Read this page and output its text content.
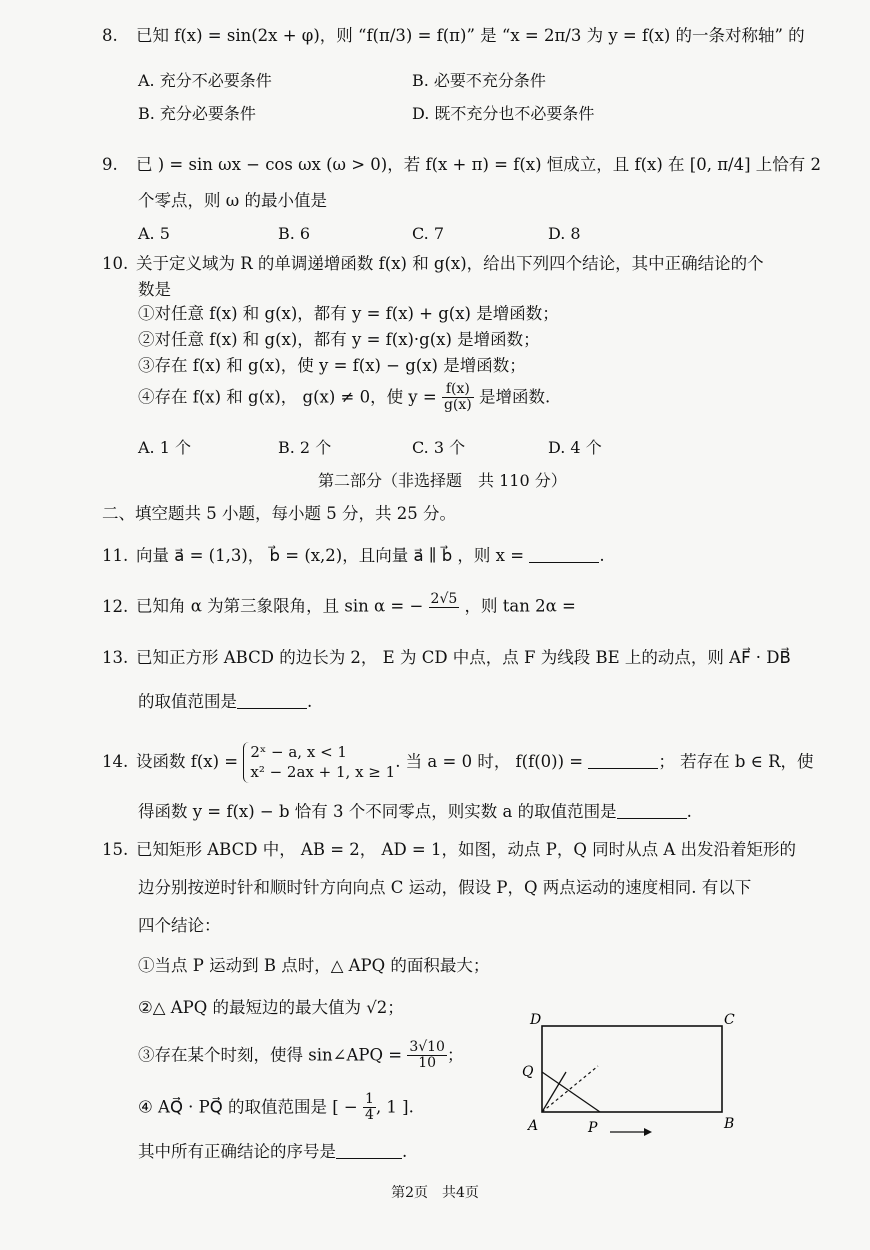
8. 已知 f(x) = sin(2x + φ)，则 “f(π/3) = f(π)” 是 “x = 2π/3 为 y = f(x) 的一条对称轴” 的
A. 充分不必要条件	B. 必要不充分条件
B. 充分必要条件	D. 既不充分也不必要条件
9. 已 ) = sin ωx − cos ωx (ω > 0)，若 f(x + π) = f(x) 恒成立，且 f(x) 在 [0, π/4] 上恰有 2
个零点，则 ω 的最小值是
A. 5	B. 6	C. 7	D. 8
10. 关于定义域为 R 的单调递增函数 f(x) 和 g(x)，给出下列四个结论，其中正确结论的个
数是
①对任意 f(x) 和 g(x)，都有 y = f(x) + g(x) 是增函数；
②对任意 f(x) 和 g(x)，都有 y = f(x)·g(x) 是增函数；
③存在 f(x) 和 g(x)，使 y = f(x) − g(x) 是增函数；
④存在 f(x) 和 g(x)， g(x) ≠ 0，使 $y = \frac{f(x)}{g(x)}$ 是增函数.
A. 1 个	B. 2 个	C. 3 个	D. 4 个
第二部分（非选择题　共 110 分）
二、填空题共 5 小题，每小题 5 分，共 25 分。
11. 向量 a⃗ = (1,3)， b⃗ = (x,2)，且向量 a⃗ ∥ b⃗ ，则 x =	.
12. 已知角 α 为第三象限角，且 sin α = − 2√5 ，则 tan 2α =
13. 已知正方形 ABCD 的边长为 2， E 为 CD 中点，点 F 为线段 BE 上的动点，则 AF⃗ · DB⃗
的取值范围是	.
14. 设函数 f(x) = 2ˣ − a, x < 1
x² − 2ax + 1, x ≥ 1
. 当 a = 0 时， f(f(0)) =	； 若存在 b ∈ R，使
得函数 y = f(x) − b 恰有 3 个不同零点，则实数 a 的取值范围是	.
15. 已知矩形 ABCD 中， AB = 2， AD = 1，如图，动点 P，Q 同时从点 A 出发沿着矩形的
边分别按逆时针和顺时针方向向点 C 运动，假设 P，Q 两点运动的速度相同. 有以下
四个结论：
①当点 P 运动到 B 点时，△ APQ 的面积最大；
②△ APQ 的最短边的最大值为 √2；
③存在某个时刻，使得 sin∠APQ = $\frac{3√10}{10}$ ；
④ AQ⃗ · PQ⃗ 的取值范围是 [ − $\frac{1}{4}$ , 1 ].
其中所有正确结论的序号是	.
D	C
Q
A	P	B
第2页　共4页
